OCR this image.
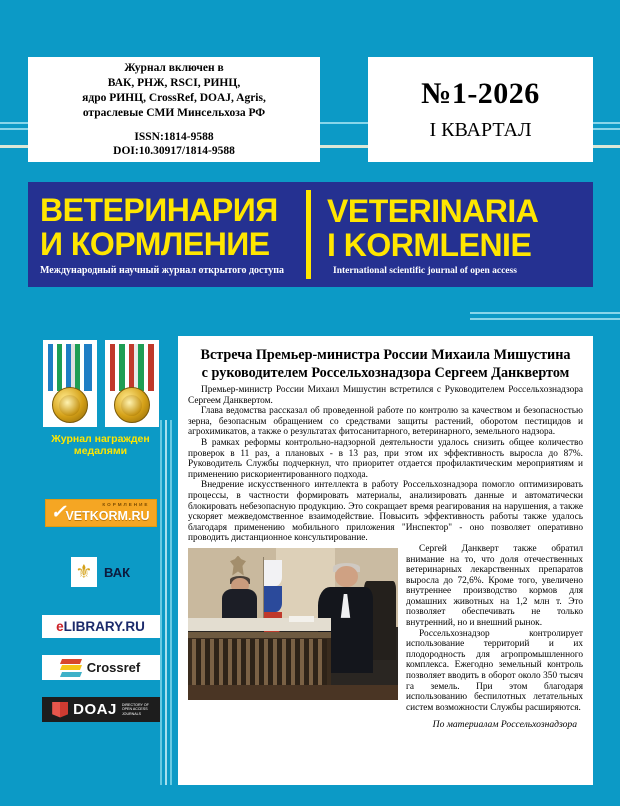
Журнал включен в
ВАК, РНЖ, RSCI, РИНЦ,
ядро РИНЦ, CrossRef, DOAJ, Agris,
отраслевые СМИ Минсельхоза РФ
ISSN:1814-9588
DOI:10.30917/1814-9588
№1-2026
I КВАРТАЛ
ВЕТЕРИНАРИЯ
И КОРМЛЕНИЕ
Международный научный журнал открытого доступа
VETERINARIA
I KORMLENIE
International scientific journal of open access
Журнал награжден
медалями
✓	КОРМЛЕНИЕ
VETKORM.RU
⚜ ВАК
eLIBRARY.RU
Crossref
DOAJ DIRECTORY OF
OPEN ACCESS
JOURNALS
Встреча Премьер-министра России Михаила Мишустина
с руководителем Россельхознадзора Сергеем Данквертом

Премьер-министр России Михаил Мишустин встретился с Руководителем Россельхознадзора Сергеем Данквертом.

Глава ведомства рассказал об проведенной работе по контролю за качеством и безопасностью зерна, безопасным обращением со средствами защиты растений, оборотом пестицидов и агрохимикатов, а также о результатах фитосанитарного, ветеринарного, земельного надзора.

В рамках реформы контрольно-надзорной деятельности удалось снизить общее количество проверок в 11 раз, а плановых - в 13 раз, при этом их эффективность выросла до 87%. Руководитель Службы подчеркнул, что приоритет отдается профилактическим мероприятиям и применению рискориентированного подхода.

Внедрение искусственного интеллекта в работу Россельхознадзора помогло оптимизировать процессы, в частности формировать материалы, анализировать данные и автоматически блокировать небезопасную продукцию. Это сокращает время реагирования на нарушения, а также ускоряет межведомственное взаимодействие. Повысить эффективность работы также удалось благодаря применению мобильного приложения "Инспектор" - оно позволяет оперативно проводить дистанционное консультирование.

Сергей Данкверт также обратил внимание на то, что доля отечественных ветеринарных лекарственных препаратов выросла до 72,6%. Кроме того, увеличено внутреннее производство кормов для домашних животных на 1,2 млн т. Это позволяет обеспечивать не только внутренний, но и внешний рынок.

Россельхознадзор контролирует использование территорий и их плодородность для агропромышленного комплекса. Ежегодно земельный контроль позволяет вводить в оборот около 350 тысяч га земель. При этом благодаря использованию беспилотных летательных систем возможности Службы расширяются.

По материалам Россельхознадзора
